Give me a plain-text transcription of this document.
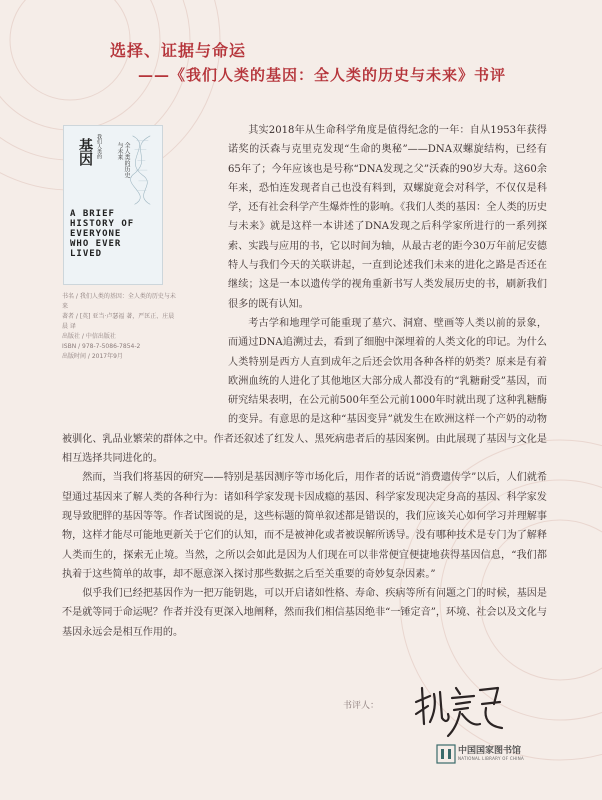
选择、证据与命运
——《我们人类的基因：全人类的历史与未来》书评

其实2018年从生命科学角度是值得纪念的一年：自从1953年获得诺奖的沃森与克里克发现“生命的奥秘”——DNA双螺旋结构，已经有65年了；今年应该也是号称“DNA发现之父”沃森的90岁大寿。这60余年来，恐怕连发现者自己也没有料到，双螺旋竟会对科学，不仅仅是科学，还有社会科学产生爆炸性的影响。《我们人类的基因：全人类的历史与未来》就是这样一本讲述了DNA发现之后科学家所进行的一系列探索、实践与应用的书，它以时间为轴，从最古老的距今30万年前尼安德特人与我们今天的关联讲起，一直到论述我们未来的进化之路是否还在继续；这是一本以遗传学的视角重新书写人类发展历史的书，刷新我们很多的既有认知。

考古学和地理学可能重现了墓穴、洞窟、壁画等人类以前的景象，而通过DNA追溯过去，看到了细胞中深埋着的人类文化的印记。为什么人类特别是西方人直到成年之后还会饮用各种各样的奶类？原来是有着欧洲血统的人进化了其他地区大部分成人都没有的“乳糖耐受”基因，而研究结果表明，在公元前500年至公元前1000年时就出现了这种乳糖酶的变异。有意思的是这种“基因变异”就发生在欧洲这样一个产奶的动物被驯化、乳品业繁荣的群体之中。作者还叙述了红发人、黑死病患者后的基因案例。由此展现了基因与文化是相互选择共同进化的。

然而，当我们将基因的研究——特别是基因测序等市场化后，用作者的话说“消费遗传学”以后，人们就希望通过基因来了解人类的各种行为：诸如科学家发现卡因成瘾的基因、科学家发现决定身高的基因、科学家发现导致肥胖的基因等等。作者试图说的是，这些标题的简单叙述都是错误的，我们应该关心如何学习并理解事物，这样才能尽可能地更新关于它们的认知，而不是被神化或者被误解所诱导。没有哪种技术是专门为了解释人类而生的，探索无止境。当然，之所以会如此是因为人们现在可以非常便宜便捷地获得基因信息，“我们都执着于这些简单的故事，却不愿意深入探讨那些数据之后至关重要的奇妙复杂因素。”

似乎我们已经把基因作为一把万能钥匙，可以开启诸如性格、寿命、疾病等所有问题之门的时候，基因是不是就等同于命运呢？作者并没有更深入地阐释，然而我们相信基因绝非“一锤定音”，环境、社会以及文化与基因永远会是相互作用的。

我们人类的
基因	全人类的历史
与未来
A BRIEF
HISTORY OF
EVERYONE
WHO EVER
LIVED

书名 / 我们人类的基因：全人类的历史与未来

著者 / [英] 亚当·卢瑟福 著，严匡正、庄晨晨 译

出版社 / 中信出版社

ISBN / 978-7-5086-7854-2

出版时间 / 2017年9月

书评人：
中国国家图书馆
NATIONAL LIBRARY OF CHINA
